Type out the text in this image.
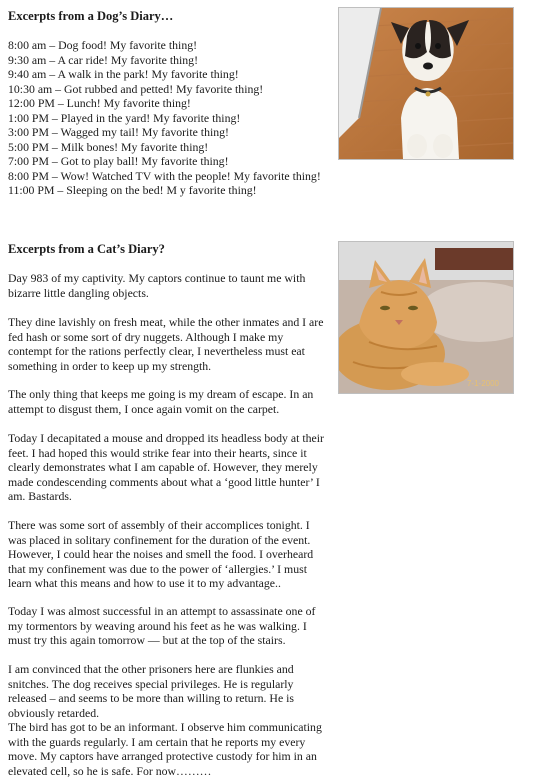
Excerpts from a Dog’s Diary…
8:00 am – Dog food! My favorite thing!
9:30 am – A car ride! My favorite thing!
9:40 am – A walk in the park! My favorite thing!
10:30 am – Got rubbed and petted! My favorite thing!
12:00 PM – Lunch! My favorite thing!
1:00 PM – Played in the yard! My favorite thing!
3:00 PM – Wagged my tail! My favorite thing!
5:00 PM – Milk bones! My favorite thing!
7:00 PM – Got to play ball! My favorite thing!
8:00 PM – Wow! Watched TV with the people! My favorite thing!
11:00 PM – Sleeping on the bed! M y favorite thing!
Excerpts from a Cat’s Diary?
7-1-2000

Day 983 of my captivity. My captors continue to taunt me with bizarre little dangling objects.

They dine lavishly on fresh meat, while the other inmates and I are fed hash or some sort of dry nuggets. Although I make my contempt for the rations perfectly clear, I nevertheless must eat something in order to keep up my strength.

The only thing that keeps me going is my dream of escape. In an attempt to disgust them, I once again vomit on the carpet.

Today I decapitated a mouse and dropped its headless body at their feet. I had hoped this would strike fear into their hearts, since it clearly demonstrates what I am capable of. However, they merely made condescending comments about what a ‘good little hunter’ I am. Bastards.

There was some sort of assembly of their accomplices tonight. I was placed in solitary confinement for the duration of the event. However, I could hear the noises and smell the food. I overheard that my confinement was due to the power of ‘allergies.’ I must learn what this means and how to use it to my advantage..

Today I was almost successful in an attempt to assassinate one of my tormentors by weaving around his feet as he was walking. I must try this again tomorrow — but at the top of the stairs.

I am convinced that the other prisoners here are flunkies and snitches. The dog receives special privileges. He is regularly released – and seems to be more than willing to return. He is obviously retarded.

The bird has got to be an informant. I observe him communicating with the guards regularly. I am certain that he reports my every move. My captors have arranged protective custody for him in an elevated cell, so he is safe. For now………
